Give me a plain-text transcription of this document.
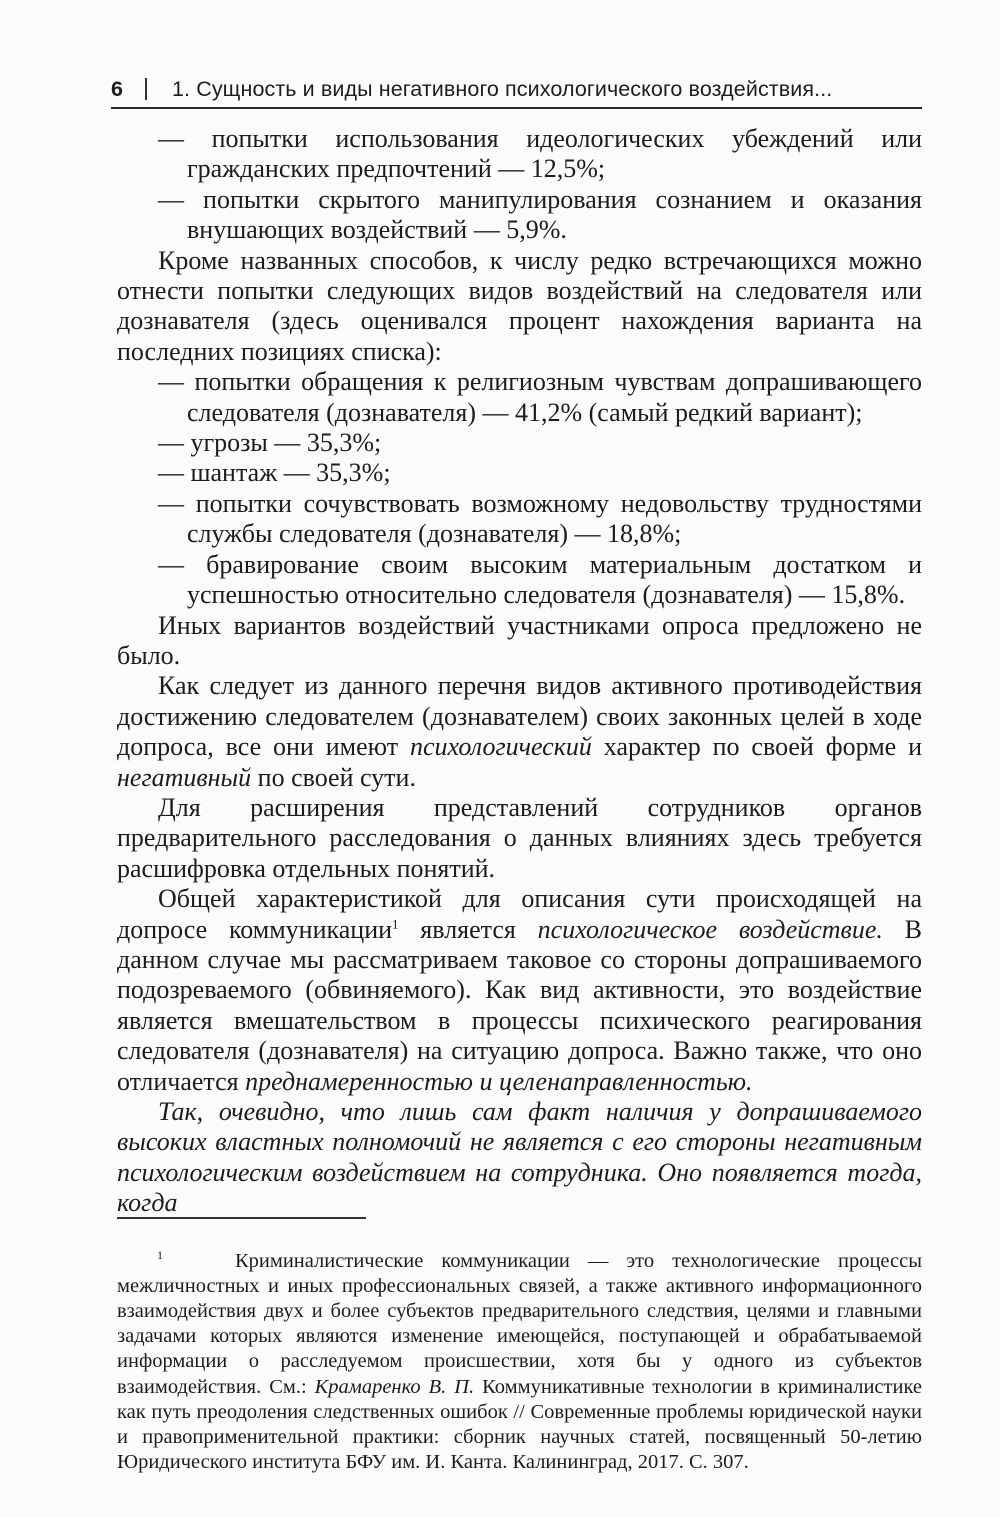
6 1. Сущность и виды негативного психологического воздействия...

— попытки использования идеологических убеждений или гражданских предпочтений — 12,5%;

— попытки скрытого манипулирования сознанием и оказания внушающих воздействий — 5,9%.

Кроме названных способов, к числу редко встречающихся можно отнести попытки следующих видов воздействий на следователя или дознавателя (здесь оценивался процент нахождения варианта на последних позициях списка):

— попытки обращения к религиозным чувствам допрашивающего следователя (дознавателя) — 41,2% (самый редкий вариант);

— угрозы — 35,3%;

— шантаж — 35,3%;

— попытки сочувствовать возможному недовольству трудностями службы следователя (дознавателя) — 18,8%;

— бравирование своим высоким материальным достатком и успешностью относительно следователя (дознавателя) — 15,8%.

Иных вариантов воздействий участниками опроса предложено не было.

Как следует из данного перечня видов активного противодействия достижению следователем (дознавателем) своих законных целей в ходе допроса, все они имеют психологический характер по своей форме и негативный по своей сути.

Для расширения представлений сотрудников органов предварительного расследования о данных влияниях здесь требуется расшифровка отдельных понятий.

Общей характеристикой для описания сути происходящей на допросе коммуникации$^1$ является психологическое воздействие. В данном случае мы рассматриваем таковое со стороны допрашиваемого подозреваемого (обвиняемого). Как вид активности, это воздействие является вмешательством в процессы психического реагирования следователя (дознавателя) на ситуацию допроса. Важно также, что оно отличается преднамеренностью и целенаправленностью.

Так, очевидно, что лишь сам факт наличия у допрашиваемого высоких властных полномочий не является с его стороны негативным психологическим воздействием на сотрудника. Оно появляется тогда, когда

$^1$	Криминалистические коммуникации — это технологические процессы межличностных и иных профессиональных связей, а также активного информационного взаимодействия двух и более субъектов предварительного следствия, целями и главными задачами которых являются изменение имеющейся, поступающей и обрабатываемой информации о расследуемом происшествии, хотя бы у одного из субъектов взаимодействия. См.: Крамаренко В. П. Коммуникативные технологии в криминалистике как путь преодоления следственных ошибок // Современные проблемы юридической науки и правоприменительной практики: сборник научных статей, посвященный 50-летию Юридического института БФУ им. И. Канта. Калининград, 2017. С. 307.
